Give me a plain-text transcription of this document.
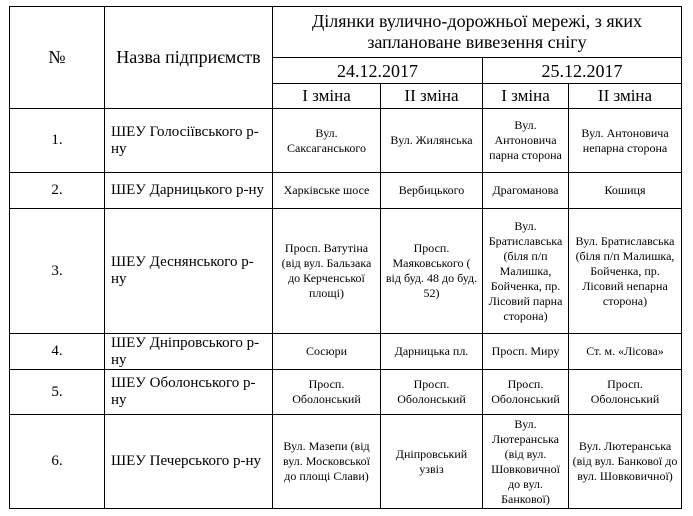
№	Назва підприємств	Ділянки вулично-дорожньої мережі, з яких заплановане вивезення снігу			
		24.12.2017		25.12.2017	
		І зміна	ІІ зміна	І зміна	ІІ зміна
1.	ШЕУ Голосіївського р-ну	Вул. Саксаганського	Вул. Жилянська	Вул. Антоновича парна сторона	Вул. Антоновича непарна сторона
2.	ШЕУ Дарницького р-ну	Харківське шосе	Вербицького	Драгоманова	Кошиця
3.	ШЕУ Деснянського р-ну	Просп. Ватутіна (від вул. Бальзака до Керченської площі)	Просп. Маяковського ( від буд. 48 до буд. 52)	Вул. Братиславська (біля п/п Малишка, Бойченка, пр. Лісовий парна сторона)	Вул. Братиславська (біля п/п Малишка, Бойченка, пр. Лісовий непарна сторона)
4.	ШЕУ Дніпровського р-ну	Сосюри	Дарницька пл.	Просп. Миру	Ст. м. «Лісова»
5.	ШЕУ Оболонського р-ну	Просп. Оболонський	Просп. Оболонський	Просп. Оболонський	Просп. Оболонський
6.	ШЕУ Печерського р-ну	Вул. Мазепи (від вул. Московської до площі Слави)	Дніпровський узвіз	Вул. Лютеранська (від вул. Шовковичної до вул. Банкової)	Вул. Лютеранська (від вул. Банкової до вул. Шовковичної)
